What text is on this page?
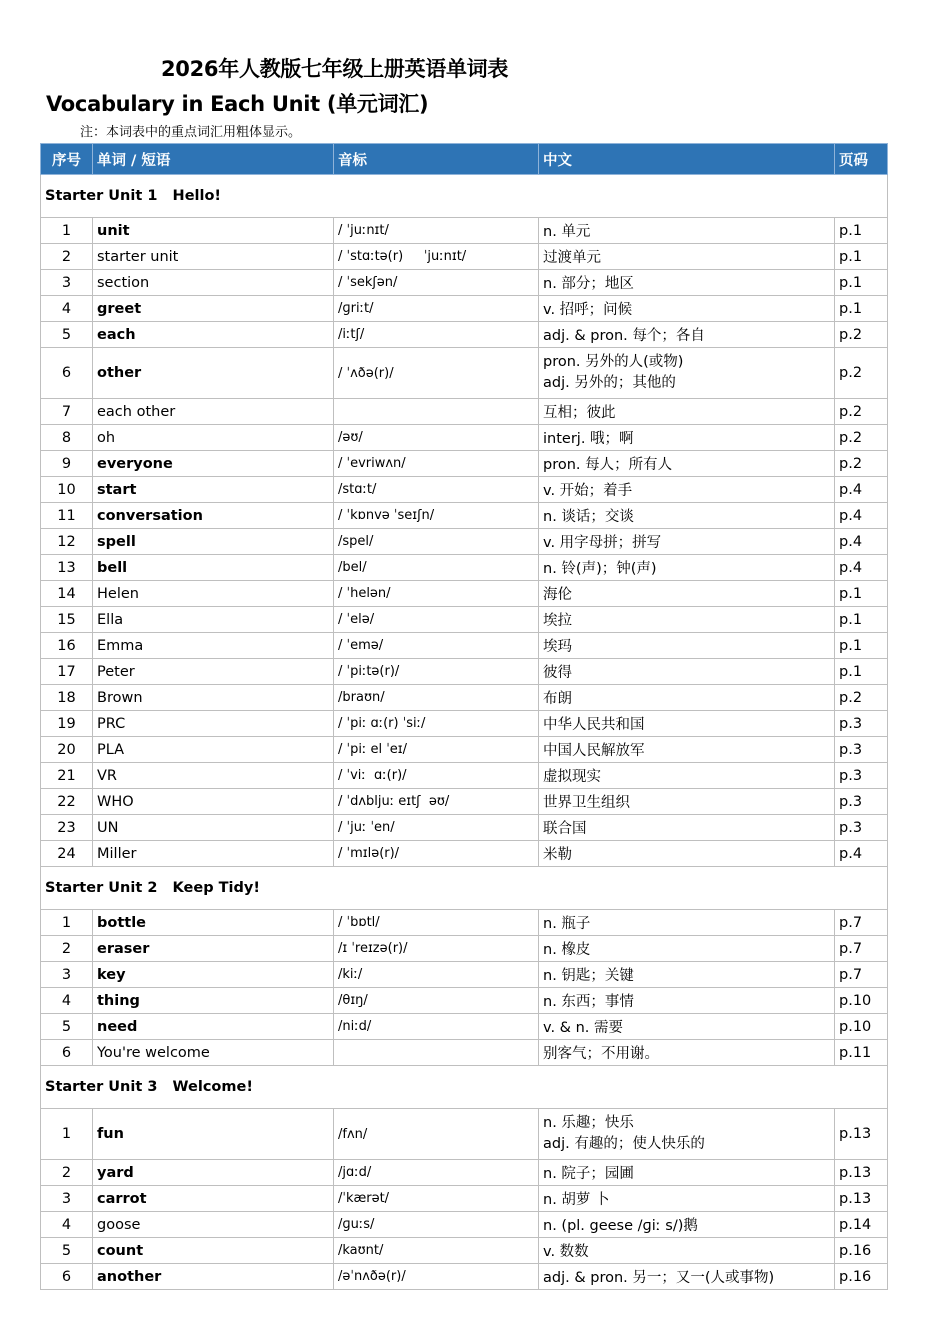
2026年人教版七年级上册英语单词表
Vocabulary in Each Unit (单元词汇)
注：本词表中的重点词汇用粗体显示。
序号	单词 / 短语	音标	中文	页码
Starter Unit 1   Hello!				
1	unit	/ ˈjuːnɪt/	n. 单元	p.1
2	starter unit	/ ˈstɑːtə(r)     ˈjuːnɪt/	过渡单元	p.1
3	section	/ ˈsekʃən/	n. 部分；地区	p.1
4	greet	/ɡriːt/	v. 招呼；问候	p.1
5	each	/iːtʃ/	adj. & pron. 每个；各自	p.2
6	other	/ ˈʌðə(r)/	pron. 另外的人(或物)
adj. 另外的；其他的	p.2
7	each other		互相；彼此	p.2
8	oh	/əʊ/	interj. 哦；啊	p.2
9	everyone	/ ˈevriwʌn/	pron. 每人；所有人	p.2
10	start	/stɑːt/	v. 开始；着手	p.4
11	conversation	/ ˈkɒnvə ˈseɪʃn/	n. 谈话；交谈	p.4
12	spell	/spel/	v. 用字母拼；拼写	p.4
13	bell	/bel/	n. 铃(声)；钟(声)	p.4
14	Helen	/ ˈhelən/	海伦	p.1
15	Ella	/ ˈelə/	埃拉	p.1
16	Emma	/ ˈemə/	埃玛	p.1
17	Peter	/ ˈpiːtə(r)/	彼得	p.1
18	Brown	/braʊn/	布朗	p.2
19	PRC	/ ˈpiː ɑː(r) ˈsiː/	中华人民共和国	p.3
20	PLA	/ ˈpiː el ˈeɪ/	中国人民解放军	p.3
21	VR	/ ˈviː  ɑː(r)/	虚拟现实	p.3
22	WHO	/ ˈdʌbljuː eɪtʃ  əʊ/	世界卫生组织	p.3
23	UN	/ ˈjuː ˈen/	联合国	p.3
24	Miller	/ ˈmɪlə(r)/	米勒	p.4
Starter Unit 2   Keep Tidy!				
1	bottle	/ ˈbɒtl/	n. 瓶子	p.7
2	eraser	/ɪ ˈreɪzə(r)/	n. 橡皮	p.7
3	key	/kiː/	n. 钥匙；关键	p.7
4	thing	/θɪŋ/	n. 东西；事情	p.10
5	need	/niːd/	v. & n. 需要	p.10
6	You're welcome		别客气；不用谢。	p.11
Starter Unit 3   Welcome!				
1	fun	/fʌn/	n. 乐趣；快乐
adj. 有趣的；使人快乐的	p.13
2	yard	/jɑːd/	n. 院子；园圃	p.13
3	carrot	/ˈkærət/	n. 胡萝 卜	p.13
4	goose	/ɡuːs/	n. (pl. geese /ɡiː s/)鹅	p.14
5	count	/kaʊnt/	v. 数数	p.16
6	another	/əˈnʌðə(r)/	adj. & pron. 另一；又一(人或事物)	p.16
